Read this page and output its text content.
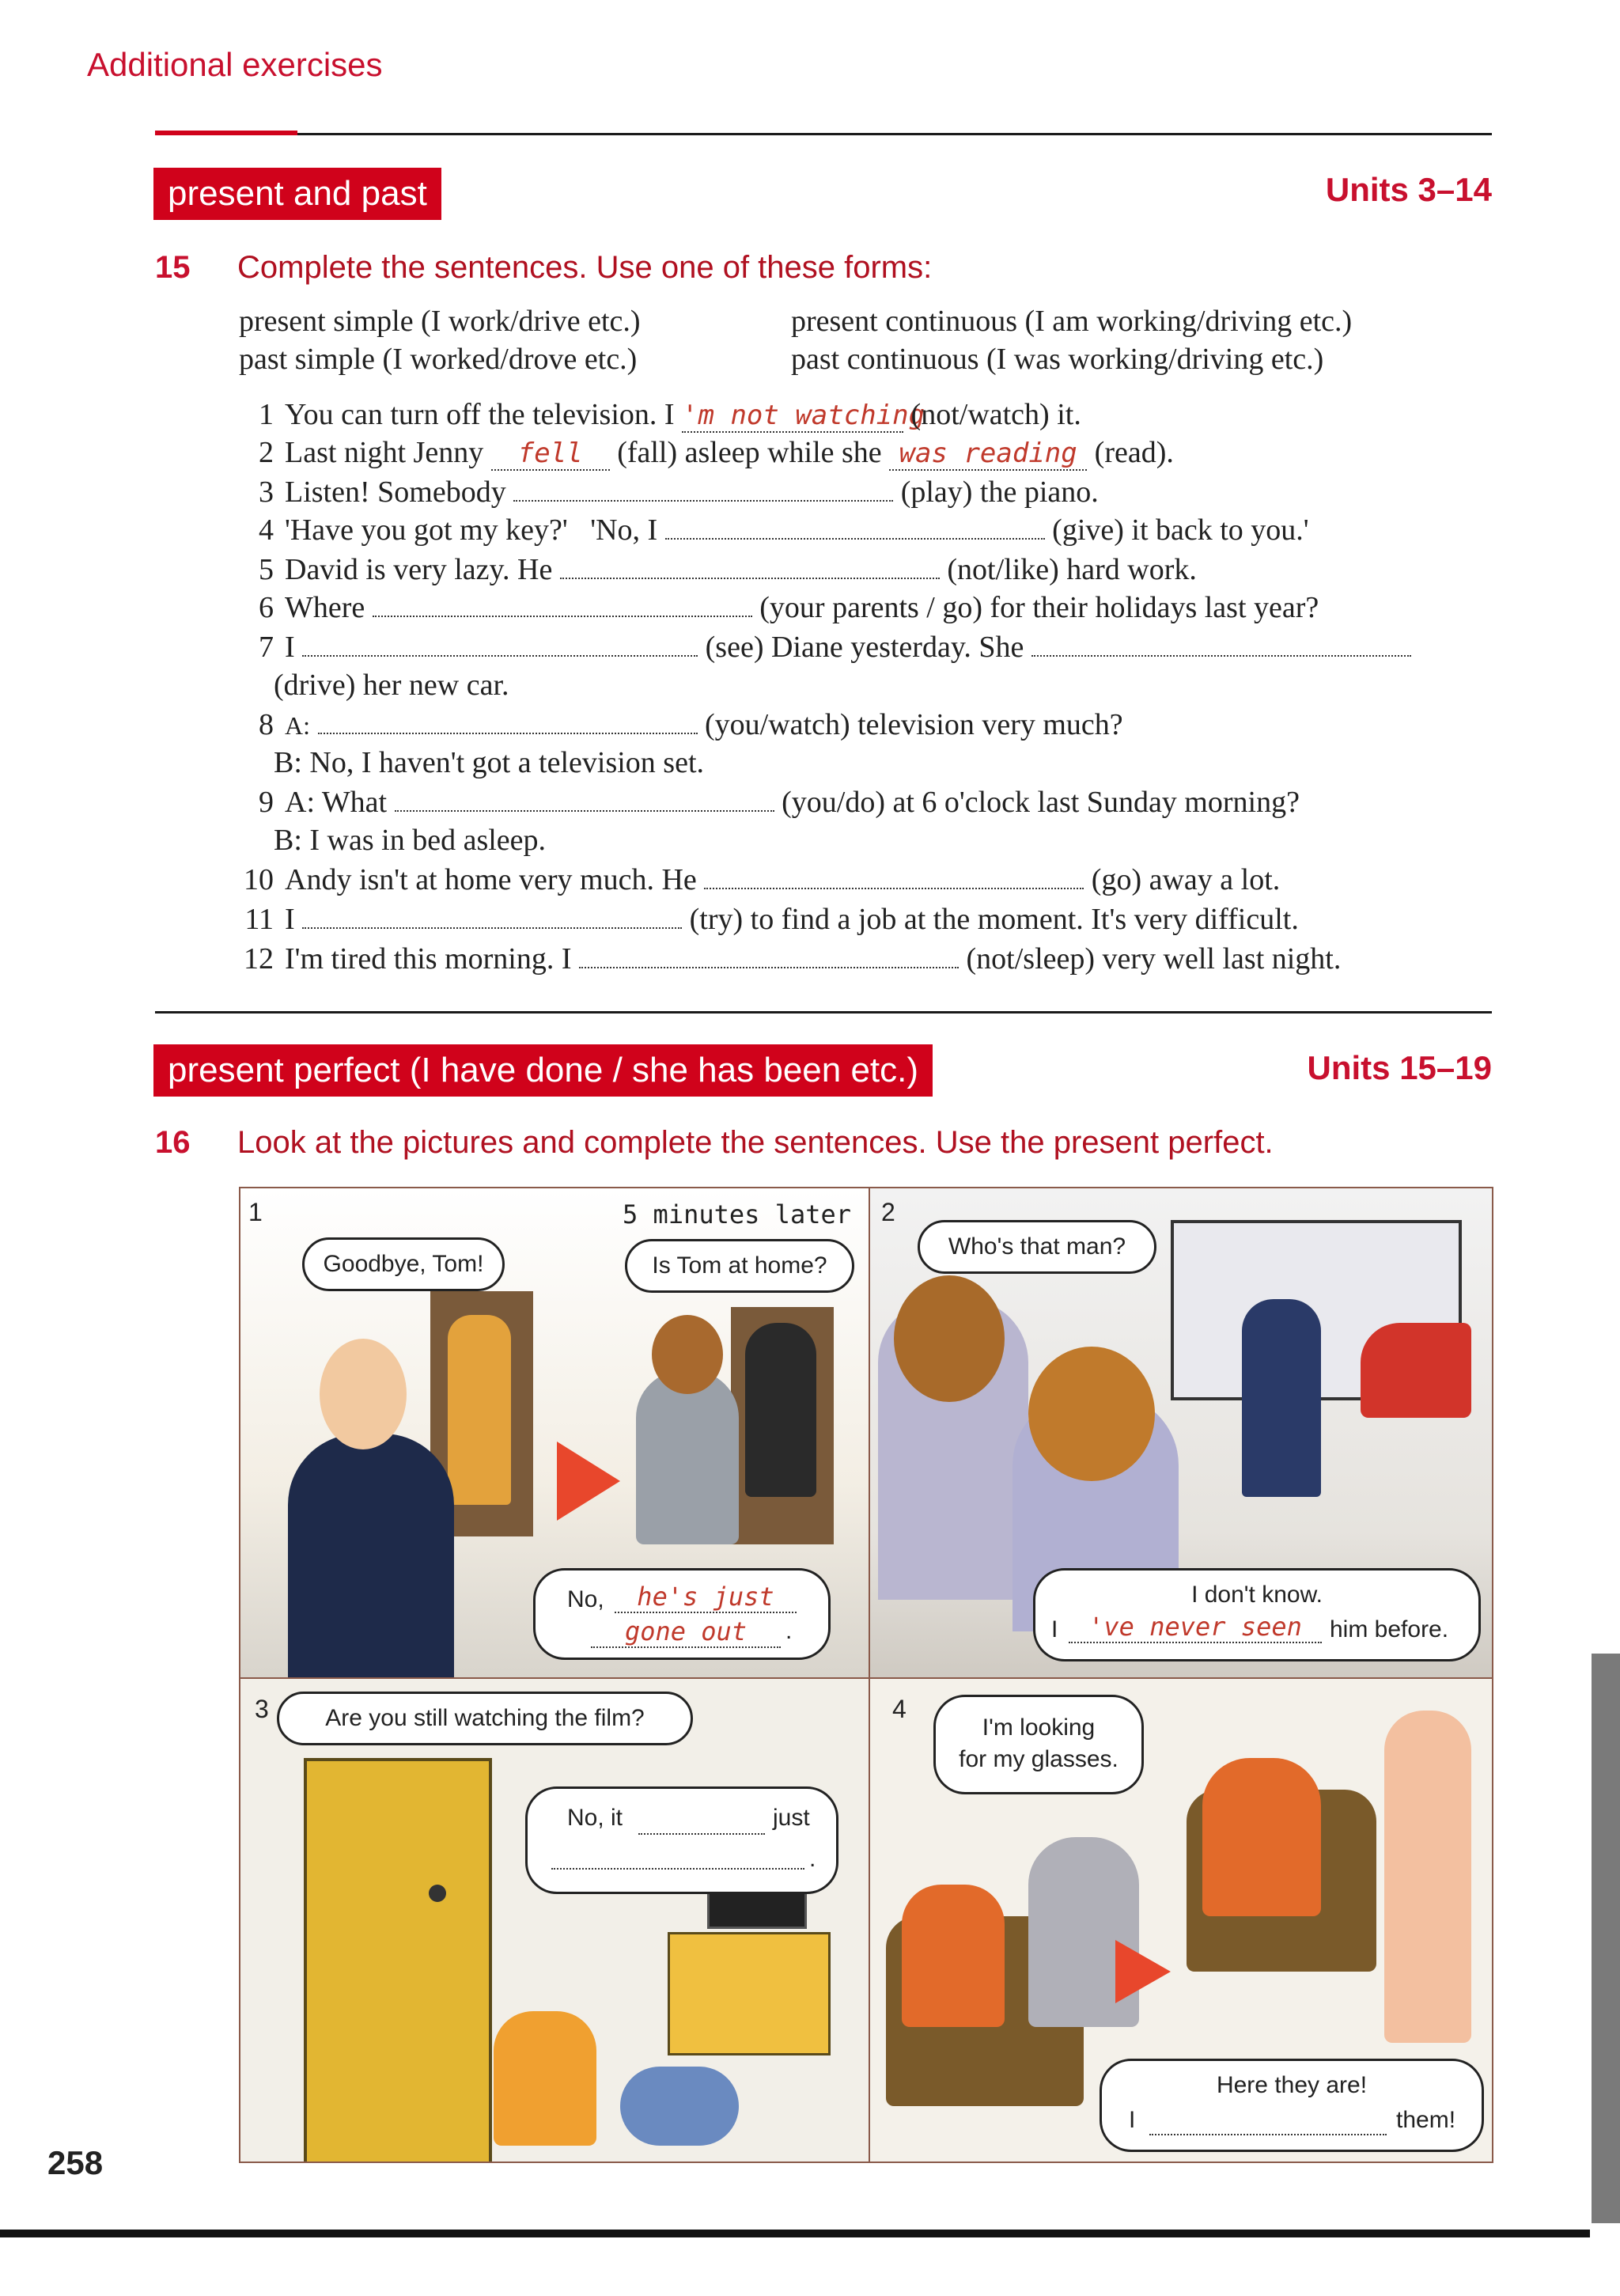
Additional exercises
present and past	Units 3–14
15 Complete the sentences. Use one of these forms:
present simple (I work/drive etc.)	present continuous (I am working/driving etc.)
past simple (I worked/drove etc.)	past continuous (I was working/driving etc.)
1 You can turn off the television. I 'm not watching (not/watch) it.
2 Last night Jenny fell (fall) asleep while she was reading (read).
3 Listen! Somebody	(play) the piano.
4 'Have you got my key?'   'No, I	(give) it back to you.'
5 David is very lazy. He	(not/like) hard work.
6 Where	(your parents / go) for their holidays last year?
7 I	(see) Diane yesterday. She
(drive) her new car.
8 A:	(you/watch) television very much?
B: No, I haven't got a television set.
9 A: What	(you/do) at 6 o'clock last Sunday morning?
B: I was in bed asleep.
10 Andy isn't at home very much. He	(go) away a lot.
11 I	(try) to find a job at the moment. It's very difficult.
12 I'm tired this morning. I	(not/sleep) very well last night.
present perfect (I have done / she has been etc.)	Units 15–19
16 Look at the pictures and complete the sentences. Use the present perfect.
1	5 minutes later
Goodbye, Tom!	Is Tom at home?
No,	he's just
gone out	.
2
Who's that man?
I don't know.
I	've never seen	him before.
3	Are you still watching the film?
No, it	just
.
4
I'm looking
for my glasses.
Here they are!
I	them!
258
